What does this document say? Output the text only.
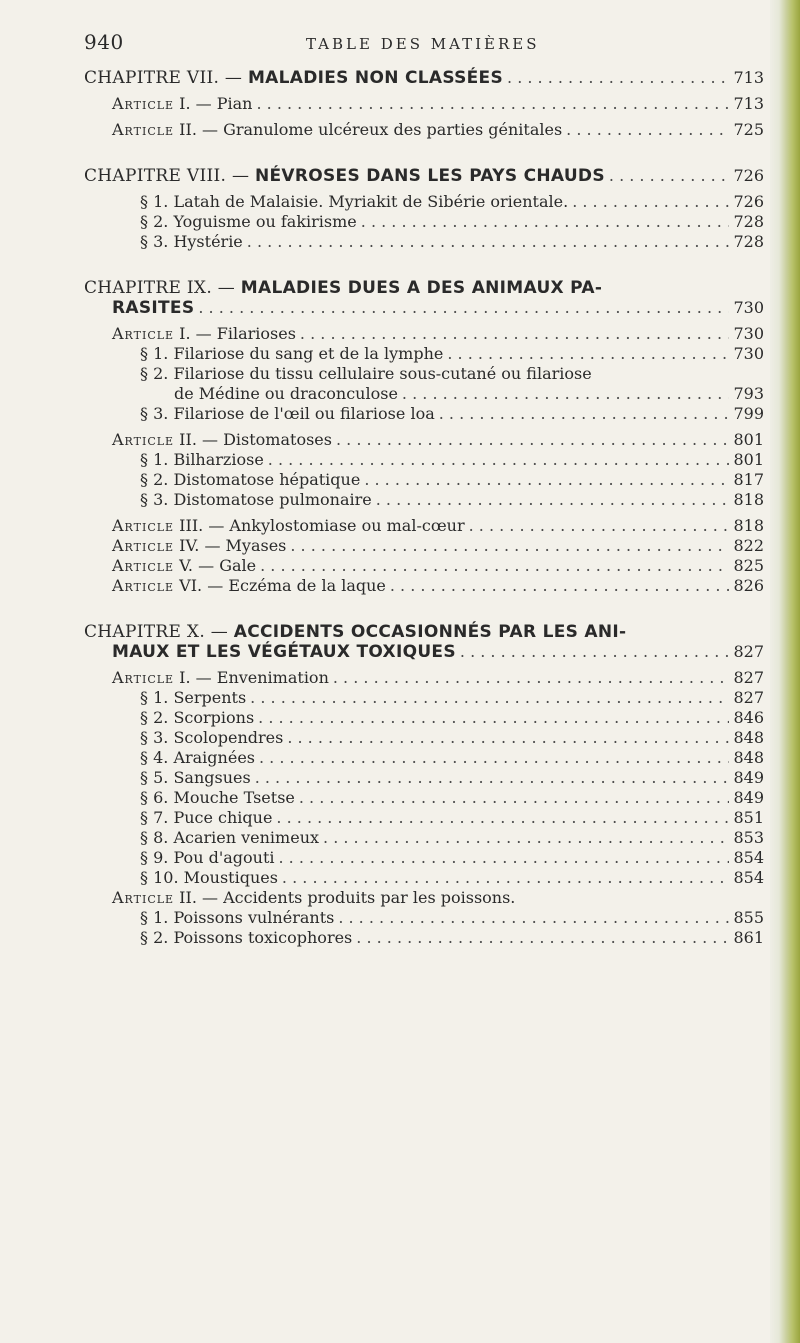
940	TABLE DES MATIÈRES
CHAPITRE VII. — MALADIES NON CLASSÉES . . .	713
Article I. — Pian . . .	713
Article II. — Granulome ulcéreux des parties génitales . . .	725
CHAPITRE VIII. — NÉVROSES DANS LES PAYS CHAUDS . . .	726
§ 1. Latah de Malaisie. Myriakit de Sibérie orientale. . . .	726
§ 2. Yoguisme ou fakirisme . . .	728
§ 3. Hystérie . . .	728
CHAPITRE IX. — MALADIES DUES A DES ANIMAUX PA-
RASITES . . .	730
Article I. — Filarioses . . .	730
§ 1. Filariose du sang et de la lymphe . . .	730
§ 2. Filariose du tissu cellulaire sous-cutané ou filariose
de Médine ou draconculose . . .	793
§ 3. Filariose de l'œil ou filariose loa . . .	799
Article II. — Distomatoses . . .	801
§ 1. Bilharziose . . .	801
§ 2. Distomatose hépatique . . .	817
§ 3. Distomatose pulmonaire . . .	818
Article III. — Ankylostomiase ou mal-cœur . . .	818
Article IV. — Myases . . .	822
Article V. — Gale . . .	825
Article VI. — Eczéma de la laque . . .	826
CHAPITRE X. — ACCIDENTS OCCASIONNÉS PAR LES ANI-
MAUX ET LES VÉGÉTAUX TOXIQUES . . .	827
Article I. — Envenimation . . .	827
§ 1. Serpents . . .	827
§ 2. Scorpions . . .	846
§ 3. Scolopendres . . .	848
§ 4. Araignées . . .	848
§ 5. Sangsues . . .	849
§ 6. Mouche Tsetse . . .	849
§ 7. Puce chique . . .	851
§ 8. Acarien venimeux . . .	853
§ 9. Pou d'agouti . . .	854
§ 10. Moustiques . . .	854
Article II. — Accidents produits par les poissons.
§ 1. Poissons vulnérants . . .	855
§ 2. Poissons toxicophores . . .	861
